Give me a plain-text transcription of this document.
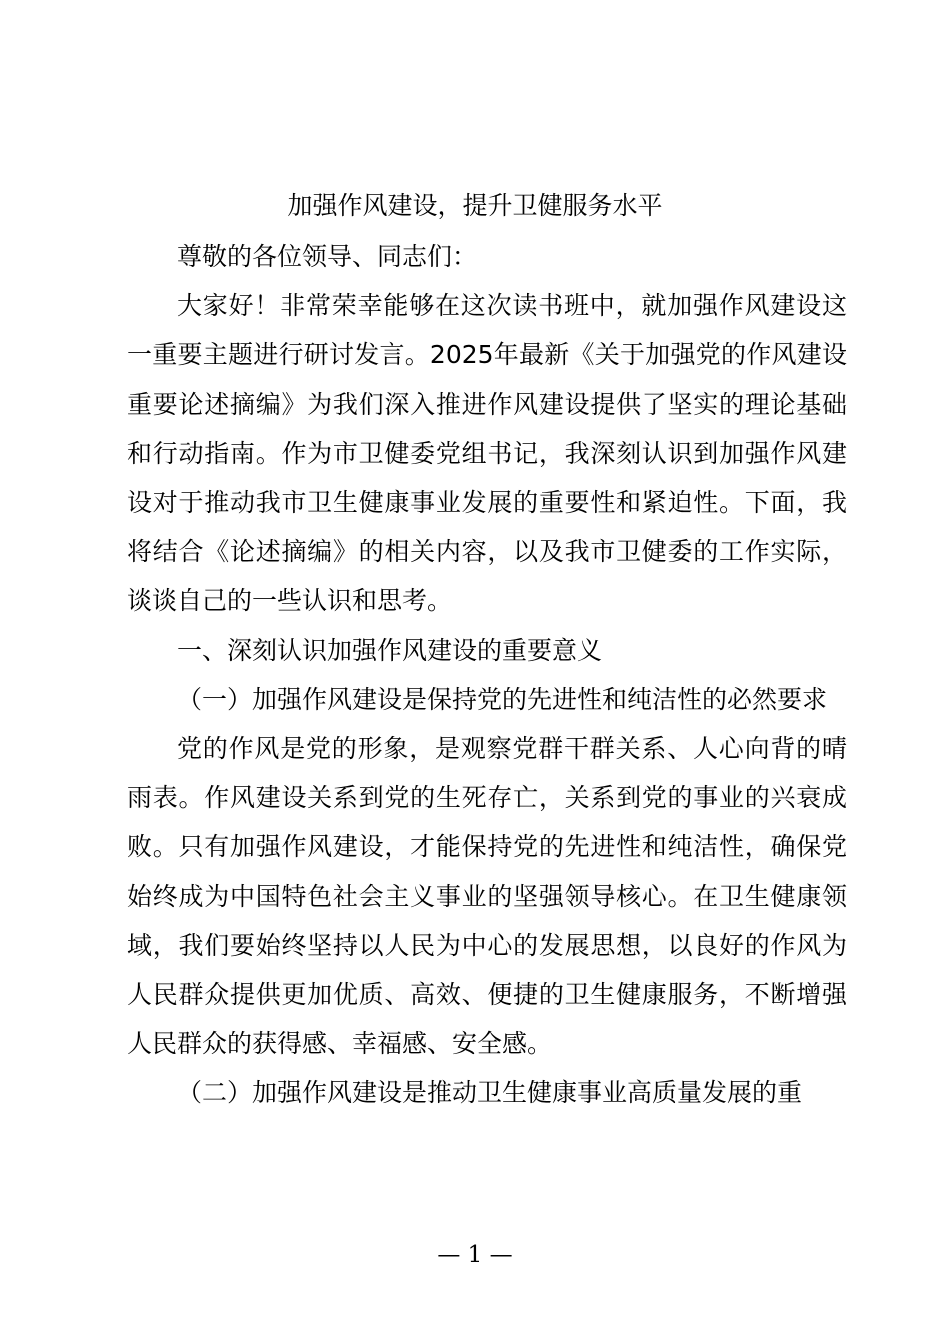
加强作风建设，提升卫健服务水平

尊敬的各位领导、同志们：

大家好！非常荣幸能够在这次读书班中，就加强作风建设这一重要主题进行研讨发言。2025年最新《关于加强党的作风建设重要论述摘编》为我们深入推进作风建设提供了坚实的理论基础和行动指南。作为市卫健委党组书记，我深刻认识到加强作风建设对于推动我市卫生健康事业发展的重要性和紧迫性。下面，我将结合《论述摘编》的相关内容，以及我市卫健委的工作实际，谈谈自己的一些认识和思考。

一、深刻认识加强作风建设的重要意义

（一）加强作风建设是保持党的先进性和纯洁性的必然要求

党的作风是党的形象，是观察党群干群关系、人心向背的晴雨表。作风建设关系到党的生死存亡，关系到党的事业的兴衰成败。只有加强作风建设，才能保持党的先进性和纯洁性，确保党始终成为中国特色社会主义事业的坚强领导核心。在卫生健康领域，我们要始终坚持以人民为中心的发展思想，以良好的作风为人民群众提供更加优质、高效、便捷的卫生健康服务，不断增强人民群众的获得感、幸福感、安全感。

（二）加强作风建设是推动卫生健康事业高质量发展的重

— 1 —
